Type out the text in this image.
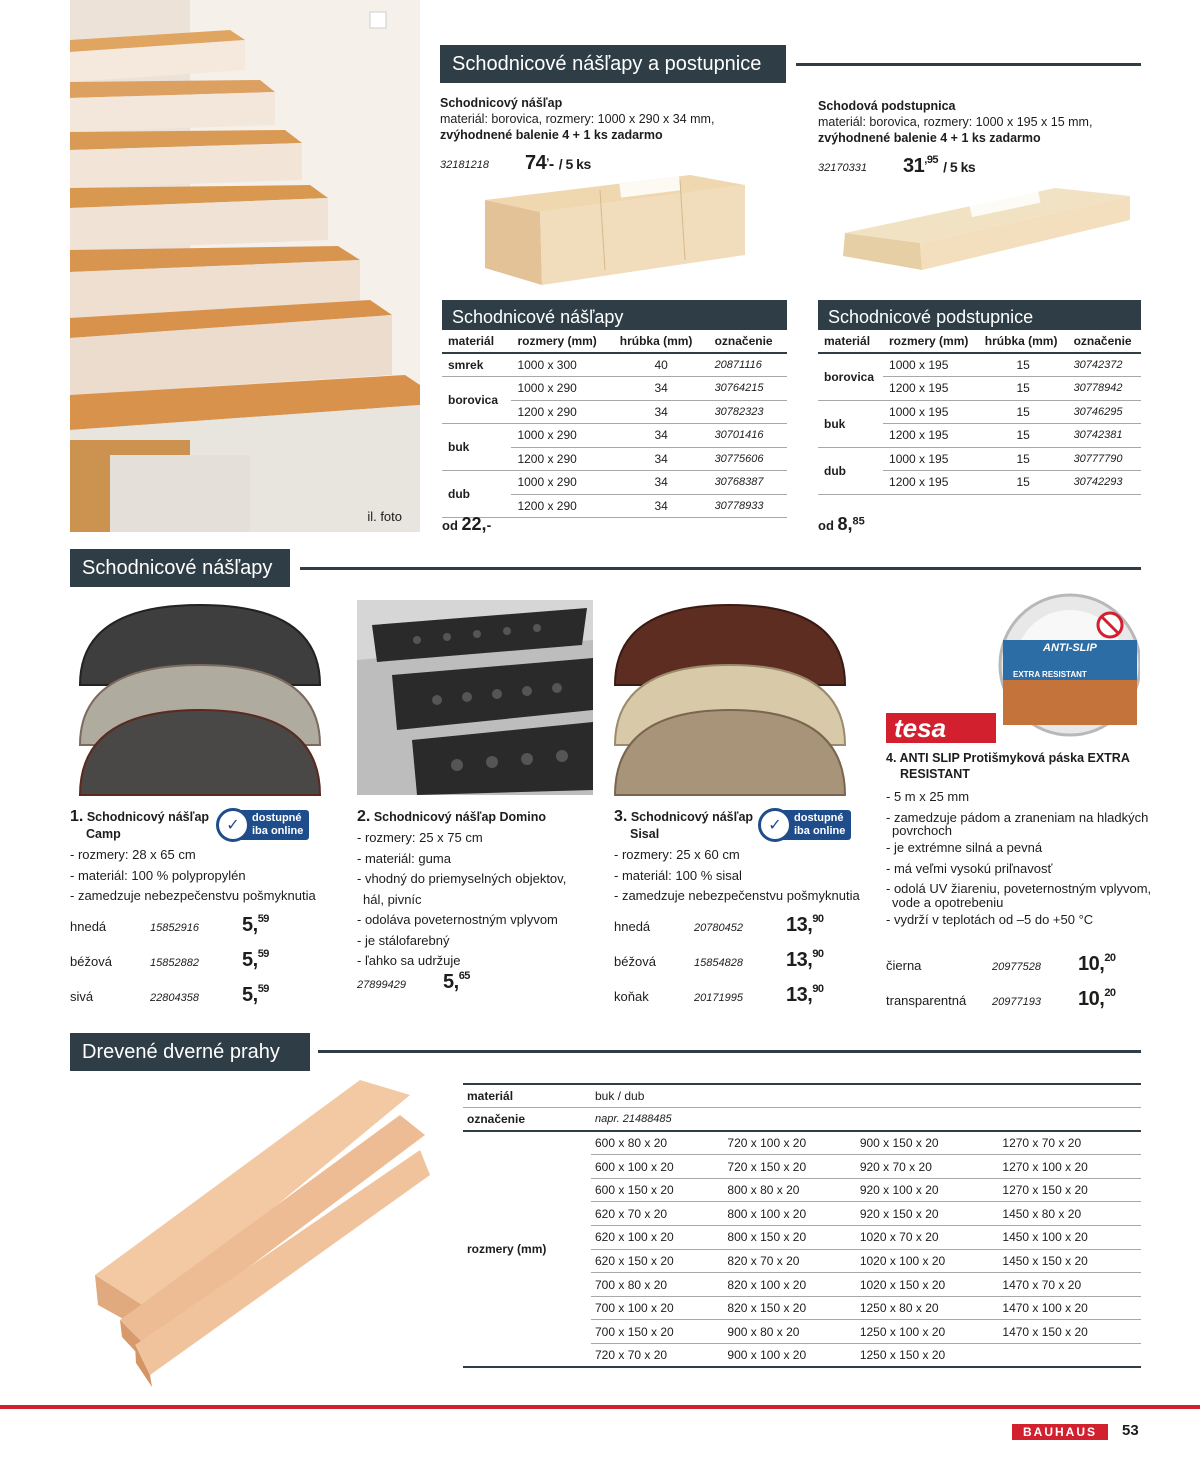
il. foto
Schodnicové nášľapy a postupnice
Schodnicový nášľap
materiál: borovica, rozmery: 1000 x 290 x 34 mm,
zvýhodnené balenie 4 + 1 ks zadarmo
32181218 74,- / 5 ks
Schodová podstupnica
materiál: borovica, rozmery: 1000 x 195 x 15 mm,
zvýhodnené balenie 4 + 1 ks zadarmo
32170331 $31^{,95} / 5$ ks
Schodnicové nášľapy
materiál	rozmery (mm)	hrúbka (mm)	označenie
smrek	1000 x 300	40	20871116
borovica	1000 x 290	34	30764215
	1200 x 290	34	30782323
buk	1000 x 290	34	30701416
	1200 x 290	34	30775606
dub	1000 x 290	34	30768387
	1200 x 290	34	30778933
od 22,-
Schodnicové podstupnice
materiál	rozmery (mm)	hrúbka (mm)	označenie
borovica	1000 x 195	15	30742372
	1200 x 195	15	30778942
buk	1000 x 195	15	30746295
	1200 x 195	15	30742381
dub	1000 x 195	15	30777790
	1200 x 195	15	30742293
od 8,85
Schodnicové nášľapy
ANTI-SLIP
EXTRA RESISTANT
tesa
1. Schodnicový nášľap
Camp	✓	dostupné
iba online
- rozmery: 28 x 65 cm
- materiál: 100 % polypropylén
- zamedzuje nebezpečenstvu pošmyknutia
hnedá	15852916	5,59
béžová	15852882	5,59
sivá	22804358	5,59
2. Schodnicový nášľap Domino
- rozmery: 25 x 75 cm
- materiál: guma
- vhodný do priemyselných objektov,
hál, pivníc
- odoláva poveternostným vplyvom
- je stálofarebný
- ľahko sa udržuje
27899429	5,65
3. Schodnicový nášľap
Sisal	✓	dostupné
iba online
- rozmery: 25 x 60 cm
- materiál: 100 % sisal
- zamedzuje nebezpečenstvu pošmyknutia
hnedá	20780452	13,90
béžová	15854828	13,90
koňak	20171995	13,90
4. ANTI SLIP Protišmyková páska EXTRA
RESISTANT
- 5 m x 25 mm
- zamedzuje pádom a zraneniam na hladkých
povrchoch
- je extrémne silná a pevná
- má veľmi vysokú priľnavosť
- odolá UV žiareniu, poveternostným vplyvom,
vode a opotrebeniu
- vydrží v teplotách od –5 do +50 °C
čierna	20977528	10,20
transparentná	20977193	10,20
Drevené dverné prahy
materiál	buk / dub			
označenie	napr. 21488485			
rozmery (mm)	600 x 80 x 20	720 x 100 x 20	900 x 150 x 20	1270 x 70 x 20
	600 x 100 x 20	720 x 150 x 20	920 x 70 x 20	1270 x 100 x 20
	600 x 150 x 20	800 x 80 x 20	920 x 100 x 20	1270 x 150 x 20
	620 x 70 x 20	800 x 100 x 20	920 x 150 x 20	1450 x 80 x 20
	620 x 100 x 20	800 x 150 x 20	1020 x 70 x 20	1450 x 100 x 20
	620 x 150 x 20	820 x 70 x 20	1020 x 100 x 20	1450 x 150 x 20
	700 x 80 x 20	820 x 100 x 20	1020 x 150 x 20	1470 x 70 x 20
	700 x 100 x 20	820 x 150 x 20	1250 x 80 x 20	1470 x 100 x 20
	700 x 150 x 20	900 x 80 x 20	1250 x 100 x 20	1470 x 150 x 20
	720 x 70 x 20	900 x 100 x 20	1250 x 150 x 20	
BAUHAUS 53
